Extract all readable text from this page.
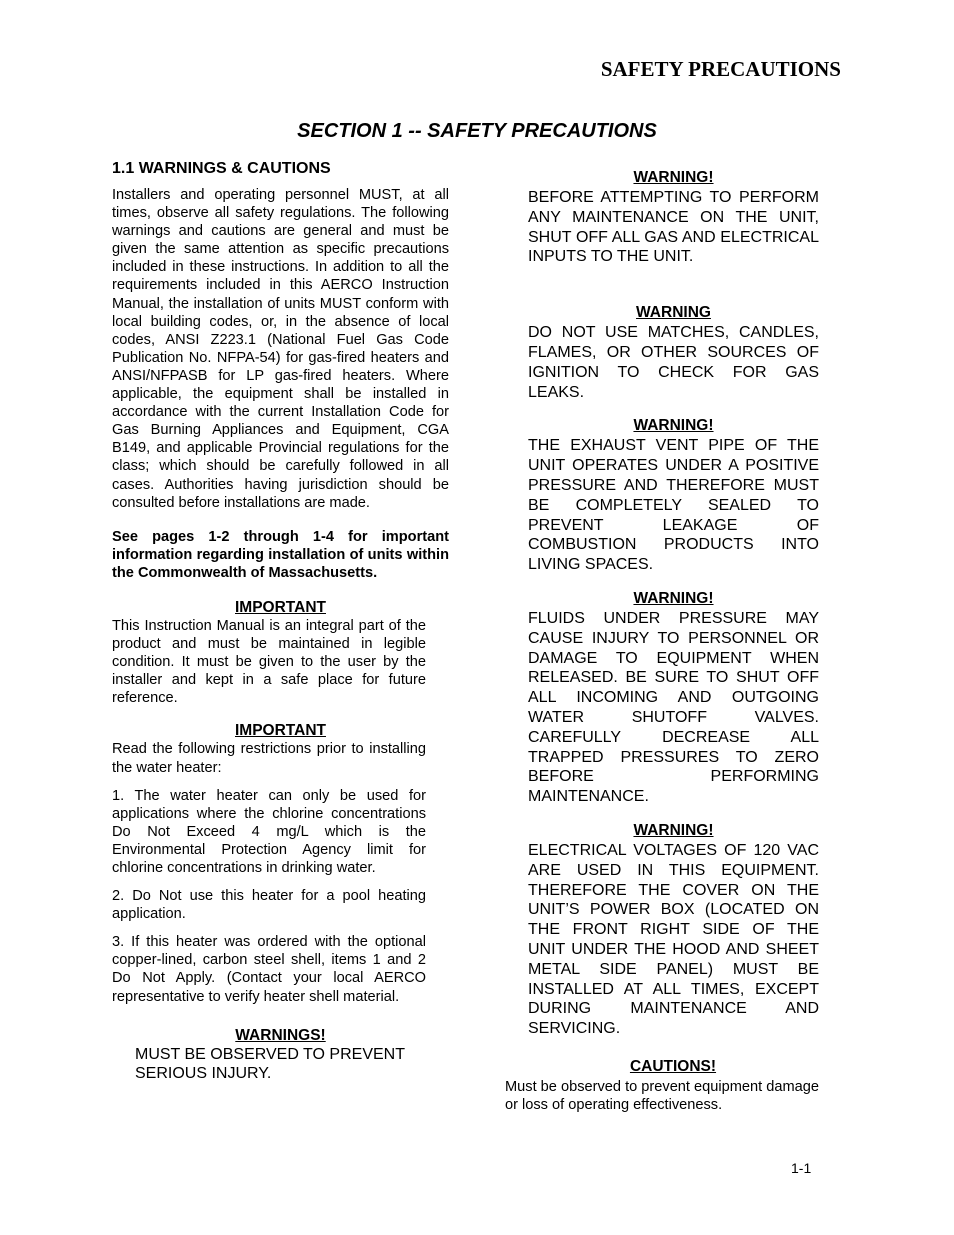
SAFETY PRECAUTIONS
SECTION 1 -- SAFETY PRECAUTIONS
1.1 WARNINGS & CAUTIONS

Installers and operating personnel MUST, at all times, observe all safety regulations. The following warnings and cautions are general and must be given the same attention as specific precautions included in these instructions. In addition to all the requirements included in this AERCO Instruction Manual, the installation of units MUST conform with local building codes, or, in the absence of local codes, ANSI Z223.1 (National Fuel Gas Code Publication No. NFPA-54) for gas-fired heaters and ANSI/NFPASB for LP gas-fired heaters. Where applicable, the equipment shall be installed in accordance with the current Installation Code for Gas Burning Appliances and Equipment, CGA B149, and applicable Provincial regulations for the class; which should be carefully followed in all cases. Authorities having jurisdiction should be consulted before installations are made.

See pages 1-2 through 1-4 for important information regarding installation of units within the Commonwealth of Massachusetts.

IMPORTANT

This Instruction Manual is an integral part of the product and must be maintained in legible condition. It must be given to the user by the installer and kept in a safe place for future reference.

IMPORTANT

Read the following restrictions prior to installing the water heater:

1. The water heater can only be used for applications where the chlorine concentrations Do Not Exceed 4 mg/L which is the Environmental Protection Agency limit for chlorine concentrations in drinking water.

2. Do Not use this heater for a pool heating application.

3. If this heater was ordered with the optional copper-lined, carbon steel shell, items 1 and 2 Do Not Apply. (Contact your local AERCO representative to verify heater shell material.

WARNINGS!

MUST BE OBSERVED TO PREVENT SERIOUS INJURY.

WARNING!

BEFORE ATTEMPTING TO PERFORM ANY MAINTENANCE ON THE UNIT, SHUT OFF ALL GAS AND ELECTRICAL INPUTS TO THE UNIT.

WARNING

DO NOT USE MATCHES, CANDLES, FLAMES, OR OTHER SOURCES OF IGNITION TO CHECK FOR GAS LEAKS.

WARNING!

THE EXHAUST VENT PIPE OF THE UNIT OPERATES UNDER A POSITIVE PRESSURE AND THEREFORE MUST BE COMPLETELY SEALED TO PREVENT LEAKAGE OF COMBUSTION PRODUCTS INTO LIVING SPACES.

WARNING!

FLUIDS UNDER PRESSURE MAY CAUSE INJURY TO PERSONNEL OR DAMAGE TO EQUIPMENT WHEN RELEASED. BE SURE TO SHUT OFF ALL INCOMING AND OUTGOING WATER SHUTOFF VALVES. CAREFULLY DECREASE ALL TRAPPED PRESSURES TO ZERO BEFORE PERFORMING MAINTENANCE.

WARNING!

ELECTRICAL VOLTAGES OF 120 VAC ARE USED IN THIS EQUIPMENT. THEREFORE THE COVER ON THE UNIT’S POWER BOX (LOCATED ON THE FRONT RIGHT SIDE OF THE UNIT UNDER THE HOOD AND SHEET METAL SIDE PANEL) MUST BE INSTALLED AT ALL TIMES, EXCEPT DURING MAINTENANCE AND SERVICING.

CAUTIONS!

Must be observed to prevent equipment damage or loss of operating effectiveness.
1-1
